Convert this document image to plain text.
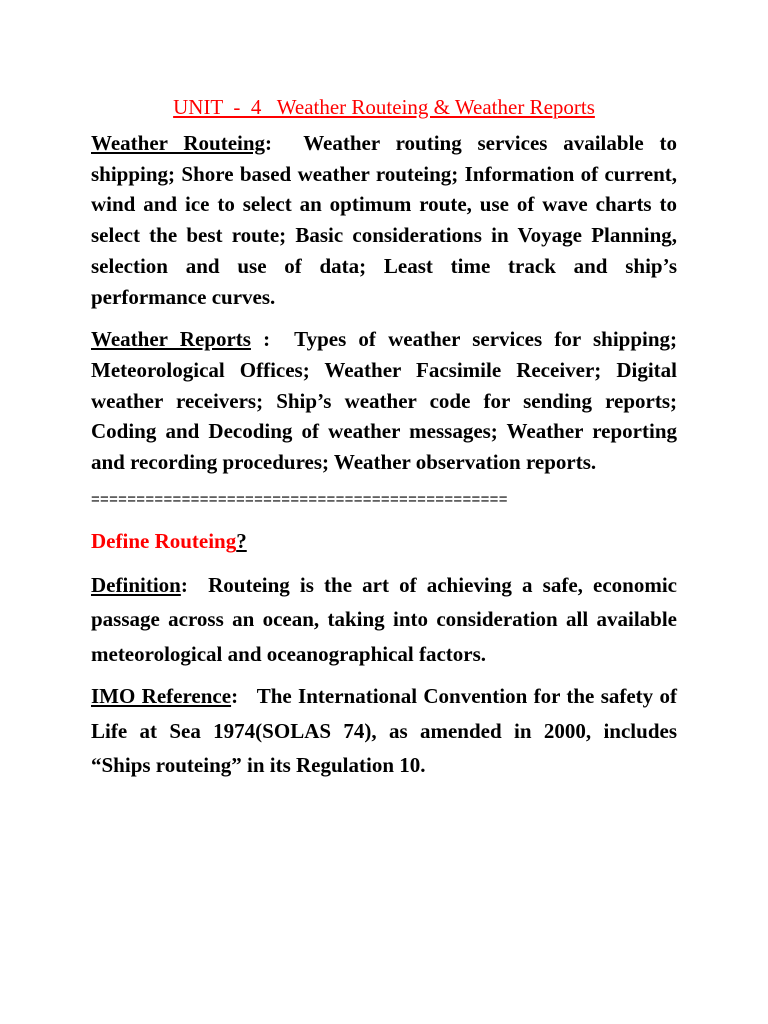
UNIT  -  4   Weather Routeing & Weather Reports

Weather Routeing: Weather routing services available to shipping; Shore based weather routeing; Information of current, wind and ice to select an optimum route, use of wave charts to select the best route; Basic considerations in Voyage Planning, selection and use of data; Least time track and ship’s performance curves.

Weather Reports : Types of weather services for shipping; Meteorological Offices; Weather Facsimile Receiver; Digital weather receivers; Ship’s weather code for sending reports; Coding and Decoding of weather messages; Weather reporting and recording procedures; Weather observation reports.

==============================================
Define Routeing?

Definition: Routeing is the art of achieving a safe, economic passage across an ocean, taking into consideration all available meteorological and oceanographical factors.

IMO Reference: The International Convention for the safety of Life at Sea 1974(SOLAS 74), as amended in 2000, includes “Ships routeing” in its Regulation 10.
